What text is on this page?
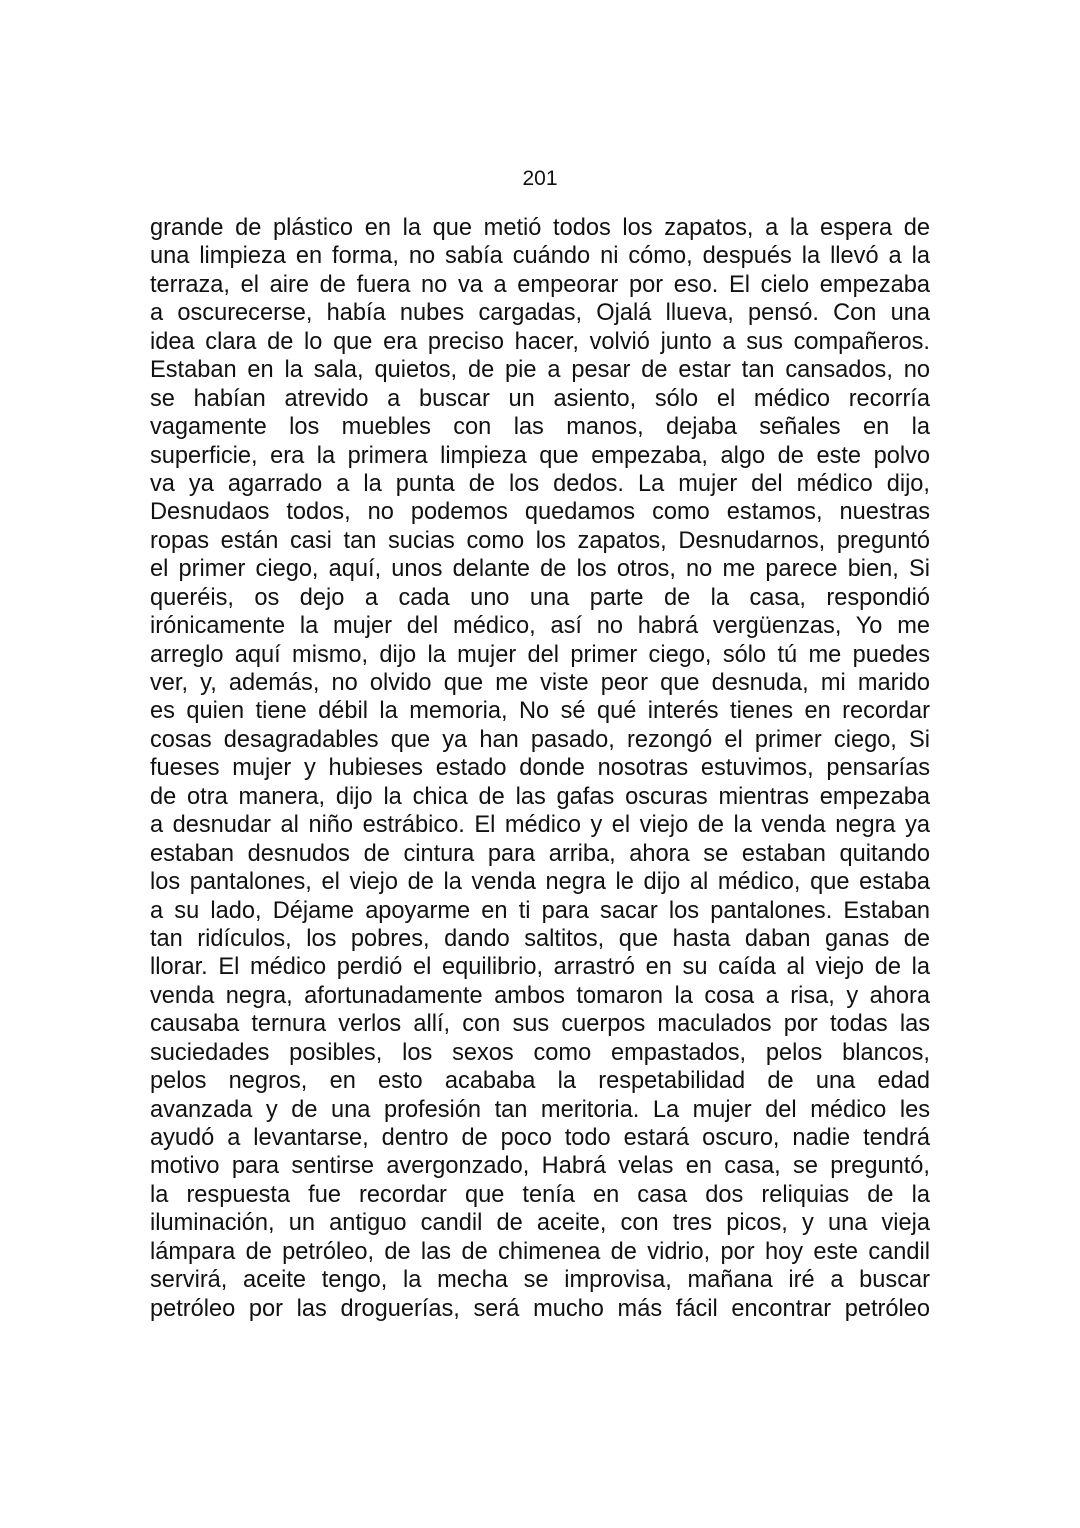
201
grande de plástico en la que metió todos los zapatos, a la espera de
una limpieza en forma, no sabía cuándo ni cómo, después la llevó a la
terraza, el aire de fuera no va a empeorar por eso. El cielo empezaba
a oscurecerse, había nubes cargadas, Ojalá llueva, pensó. Con una
idea clara de lo que era preciso hacer, volvió junto a sus compañeros.
Estaban en la sala, quietos, de pie a pesar de estar tan cansados, no
se habían atrevido a buscar un asiento, sólo el médico recorría
vagamente los muebles con las manos, dejaba señales en la
superficie, era la primera limpieza que empezaba, algo de este polvo
va ya agarrado a la punta de los dedos. La mujer del médico dijo,
Desnudaos todos, no podemos quedamos como estamos, nuestras
ropas están casi tan sucias como los zapatos, Desnudarnos, preguntó
el primer ciego, aquí, unos delante de los otros, no me parece bien, Si
queréis, os dejo a cada uno una parte de la casa, respondió
irónicamente la mujer del médico, así no habrá vergüenzas, Yo me
arreglo aquí mismo, dijo la mujer del primer ciego, sólo tú me puedes
ver, y, además, no olvido que me viste peor que desnuda, mi marido
es quien tiene débil la memoria, No sé qué interés tienes en recordar
cosas desagradables que ya han pasado, rezongó el primer ciego, Si
fueses mujer y hubieses estado donde nosotras estuvimos, pensarías
de otra manera, dijo la chica de las gafas oscuras mientras empezaba
a desnudar al niño estrábico. El médico y el viejo de la venda negra ya
estaban desnudos de cintura para arriba, ahora se estaban quitando
los pantalones, el viejo de la venda negra le dijo al médico, que estaba
a su lado, Déjame apoyarme en ti para sacar los pantalones. Estaban
tan ridículos, los pobres, dando saltitos, que hasta daban ganas de
llorar. El médico perdió el equilibrio, arrastró en su caída al viejo de la
venda negra, afortunadamente ambos tomaron la cosa a risa, y ahora
causaba ternura verlos allí, con sus cuerpos maculados por todas las
suciedades posibles, los sexos como empastados, pelos blancos,
pelos negros, en esto acababa la respetabilidad de una edad
avanzada y de una profesión tan meritoria. La mujer del médico les
ayudó a levantarse, dentro de poco todo estará oscuro, nadie tendrá
motivo para sentirse avergonzado, Habrá velas en casa, se preguntó,
la respuesta fue recordar que tenía en casa dos reliquias de la
iluminación, un antiguo candil de aceite, con tres picos, y una vieja
lámpara de petróleo, de las de chimenea de vidrio, por hoy este candil
servirá, aceite tengo, la mecha se improvisa, mañana iré a buscar
petróleo por las droguerías, será mucho más fácil encontrar petróleo
